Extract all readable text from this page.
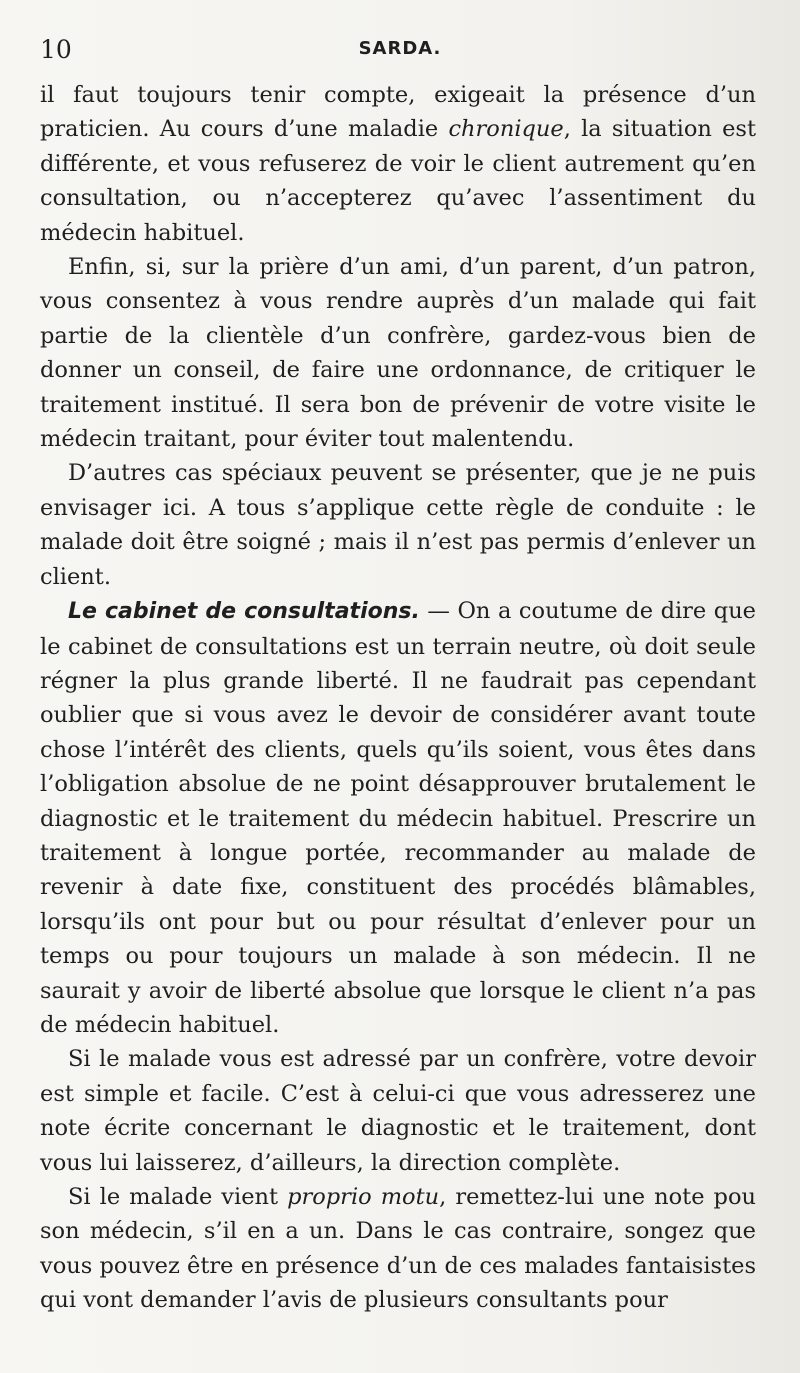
10	SARDA.

il faut toujours tenir compte, exigeait la présence d’un praticien. Au cours d’une maladie chronique, la situation est différente, et vous refuserez de voir le client autrement qu’en consultation, ou n’accepterez qu’avec l’assentiment du médecin habituel.

Enfin, si, sur la prière d’un ami, d’un parent, d’un patron, vous consentez à vous rendre auprès d’un malade qui fait partie de la clientèle d’un confrère, gardez-vous bien de donner un conseil, de faire une ordonnance, de critiquer le traitement institué. Il sera bon de prévenir de votre visite le médecin traitant, pour éviter tout malentendu.

D’autres cas spéciaux peuvent se présenter, que je ne puis envisager ici. A tous s’applique cette règle de conduite : le malade doit être soigné ; mais il n’est pas permis d’enlever un client.

Le cabinet de consultations. — On a coutume de dire que le cabinet de consultations est un terrain neutre, où doit seule régner la plus grande liberté. Il ne faudrait pas cependant oublier que si vous avez le devoir de considérer avant toute chose l’intérêt des clients, quels qu’ils soient, vous êtes dans l’obligation absolue de ne point désapprouver brutalement le diagnostic et le traitement du médecin habituel. Prescrire un traitement à longue portée, recommander au malade de revenir à date fixe, constituent des procédés blâmables, lorsqu’ils ont pour but ou pour résultat d’enlever pour un temps ou pour toujours un malade à son médecin. Il ne saurait y avoir de liberté absolue que lorsque le client n’a pas de médecin habituel.

Si le malade vous est adressé par un confrère, votre devoir est simple et facile. C’est à celui-ci que vous adresserez une note écrite concernant le diagnostic et le traitement, dont vous lui laisserez, d’ailleurs, la direction complète.

Si le malade vient proprio motu, remettez-lui une note pou son médecin, s’il en a un. Dans le cas contraire, songez que vous pouvez être en présence d’un de ces malades fantaisistes qui vont demander l’avis de plusieurs consultants pour
